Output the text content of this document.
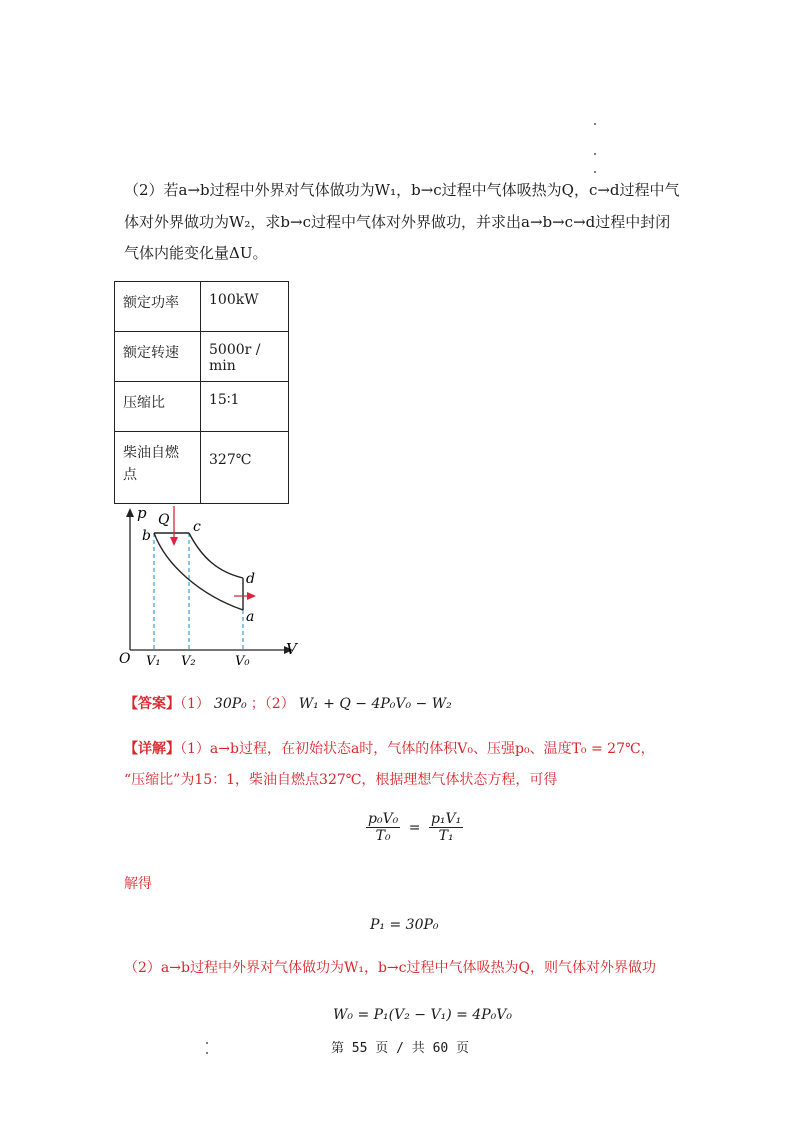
（2）若a→b过程中外界对气体做功为W₁，b→c过程中气体吸热为Q，c→d过程中气
体对外界做功为W₂，求b→c过程中气体对外界做功，并求出a→b→c→d过程中封闭
气体内能变化量ΔU。
额定功率	100kW
额定转速	5000r / min
压缩比	15∶1
柴油自燃点	327℃
p
V
O
b
c
d
a
Q
V₁ V₂	V₀
【答案】（1） 30P₀ ；（2） W₁ + Q − 4P₀V₀ − W₂
【详解】（1）a→b过程，在初始状态a时，气体的体积V₀、压强p₀、温度T₀ = 27℃，
“压缩比”为15：1，柴油自燃点327℃，根据理想气体状态方程，可得
$\frac{\text{p₀V₀}}{\text{T₀}} = \frac{\text{p₁V₁}}{\text{T₁}}$
解得
P₁ = 30P₀
（2）a→b过程中外界对气体做功为W₁，b→c过程中气体吸热为Q，则气体对外界做功
W₀ = P₁(V₂ − V₁) = 4P₀V₀
第 55 页 / 共 60 页
